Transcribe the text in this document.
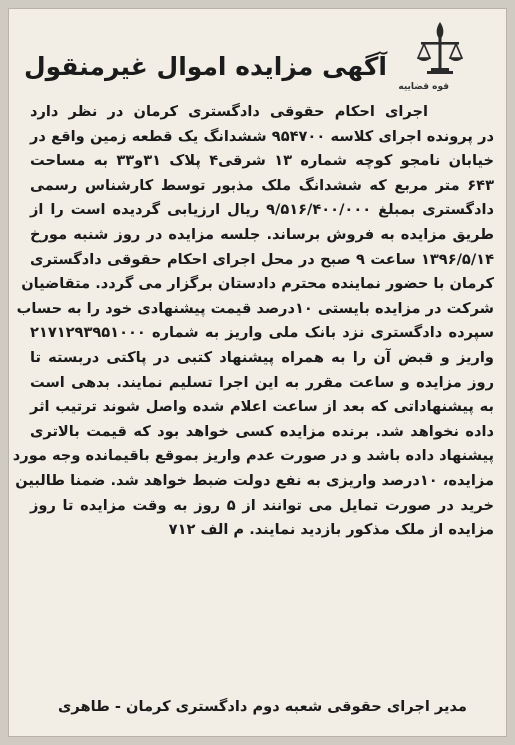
قوه قضاییه
آگهی مزایده اموال غیرمنقول
اجرای احکام حقوقی دادگستری کرمان در نظر دارد
در پرونده اجرای کلاسه ۹۵۴۷۰۰ ششدانگ یک قطعه زمین واقع در
خیابان نامجو کوچه شماره ۱۳ شرقی۴ پلاک ۳۱و۳۳ به مساحت
۶۴۳ متر مربع که ششدانگ ملک مذبور توسط کارشناس رسمی
دادگستری بمبلغ ۹/۵۱۶/۴۰۰/۰۰۰ ریال ارزیابی گردیده است را از
طریق مزایده به فروش برساند. جلسه مزایده در روز شنبه مورخ
۱۳۹۶/۵/۱۴ ساعت ۹ صبح در محل اجرای احکام حقوقی دادگستری
کرمان با حضور نماینده محترم دادستان برگزار می گردد. متقاضیان
شرکت در مزایده بایستی ۱۰درصد قیمت پیشنهادی خود را به حساب
سپرده دادگستری نزد بانک ملی واریز به شماره ۲۱۷۱۲۹۳۹۵۱۰۰۰
واریز و قبض آن را به همراه پیشنهاد کتبی در پاکتی دربسته تا
روز مزایده و ساعت مقرر به این اجرا تسلیم نمایند. بدهی است
به پیشنهاداتی که بعد از ساعت اعلام شده واصل شوند ترتیب اثر
داده نخواهد شد. برنده مزایده کسی خواهد بود که قیمت بالاتری
پیشنهاد داده باشد و در صورت عدم واریز بموقع باقیمانده وجه مورد
مزایده، ۱۰درصد واریزی به نفع دولت ضبط خواهد شد. ضمنا طالبین
خرید در صورت تمایل می توانند از ۵ روز به وقت مزایده تا روز
مزایده از ملک مذکور بازدید نمایند. م الف ۷۱۲
مدیر اجرای حقوقی شعبه دوم دادگستری کرمان - طاهری
